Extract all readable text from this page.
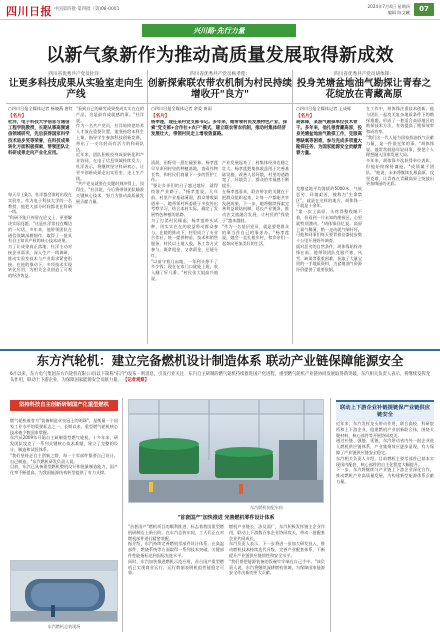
四川日报 中国第四批·第四批（第)08-0001
2024年7月4日 星期四
编辑 陈文曦	07
兴川路·先行力量
以新气象新作为推动高质量发展取得新成效
四川省优秀共产党员杜洋：
让更多科技成果从实验室走向生产线
四川省优秀共产党员杨孝莲：
创新探索联农带农机制为村民持续增收开"良方"
四川省优秀共产党员胡体锋：
投身羌塘盆地油气勘探让青春之花绽放在青藏高原
○四川日报全媒体记者 杨晓燕 唐红
【名片】
杜洋，电子科技大学信息与通信工程学院教授，长期从事高频通信领域研究，先后获得国家科学技术进步奖等荣誉，在科技成果转化方面积极探索，带领团队让科研成果走向产业化应用。

每天早上8点，杜洋都会准时出现在实验室。作为电子科技大学的一名教授，他把大部分时间都花在科研一线。

"科研不能只停留在论文上，更要解决实际问题。"这是杜洋常挂在嘴边的一句话。多年来，他带领团队在通信领域深耕细作，取得了一批具有自主知识产权的核心技术成果。

为了让成果真正落地，杜洋主动对接企业需求，深入生产一线调研，推动实验室技术与产业需求紧密衔接。在他的推动下，多项技术实现转化应用，为相关企业创造了可观的经济效益。

"看到自己的研究成果变成实实在在的产品，这是最有成就感的事。"杜洋说。

作为一名共产党员，杜洋始终把培养人才放在重要位置。他坚持给本科生上课，指导学生参加科技创新竞赛，带出了一支年轻而有活力的科研队伍。

近年来，团队积极投身成果转化和产业协同，在电子信息领域持续发力。杜洋表示，将继续坚守科研初心，让更多创新成果走出实验室、走上生产线。

"共产党员就要在关键时刻冲得上、顶得住。"杜洋说，今后将带领团队瞄准关键核心技术，努力为推动高质量发展贡献力量。

○四川日报全媒体记者 余爱 黄雨
【名片】
杨孝莲，现任某村党支部书记。多年来，她带领村民发展特色产业，探索"党支部+合作社+农户"模式，建立联农带农机制，推动村集体经济发展壮大，带领村民走上增收致富路。

清晨，田野里一派忙碌景象。杨孝莲早早来到村里的种植基地，查看作物长势，和村民们商量下一步的管护工作。

"要让乡亲们的日子越过越好，就得找准产业路子。"杨孝莲说。几年前，村里产业基础薄弱，群众增收渠道单一。她带领村两委班子多次外出考察学习，结合本村实际，确定了发展特色种植的思路。

为了打消村民顾虑，杨孝莲带头试种，用实实在在的收益带动群众参与。在她的推动下，村里成立了专业合作社，统一提供种苗、技术和销售服务，村民以土地入股、务工等方式参与，既拿租金、又拿薪金，还能分红。

"以前守着几亩地，一年到头挣不了多少钱；现在在家门口就能上班，收入翻了好几番。"村民张大姐高兴地说。

产业发展起来了，村集体经济也随之壮大。杨孝莲把集体收益用于完善基础设施、改善人居环境，村里的道路宽了、环境美了，群众的幸福感不断提升。

在杨孝莲看来，联农带农的关键在于把群众组织起来，让每一户都能共享发展成果。下一步，她将继续探索完善利益联结机制，延长产业链条，推动农文旅融合发展，让村民的"钱袋子"越来越鼓。

"作为一名基层党员，就是要把群众的事当作自己的事来办。"杨孝莲说，她会一直扎根乡村，和乡亲们一起奔向更加美好的生活。

○四川日报全媒体记者 王成栋
【名片】
胡体锋，某油气勘探单位技术骨干。多年来，他扎根青藏高原，投身羌塘盆地油气勘探工作，克服高寒缺氧等困难，参与完成多项重大勘探任务，为国家能源安全贡献青春力量。

羌塘盆地平均海拔约5000米，气候恶劣、环境艰苦，被称为"生命禁区"。就是在这样的地方，胡体锋一干就是十余年。

"第一次上高原，头疼得整夜睡不着，但看到一片未知的勘探区，心里就特别激动。"胡体锋回忆说。高原上氧气稀薄，稍一走动就气喘吁吁，可他和同事们每天要背着仪器徒步数十公里开展野外调查。

面对恶劣的自然条件，胡体锋始终冲锋在前。他带领团队克服严寒、风雪、缺氧等重重困难，获取了大量宝贵的一手地质资料，为盆地油气资源评价提供了重要依据。

在工作中，胡体锋注重技术创新。他与团队一起攻关复杂地质条件下的勘探难题，形成了一套适合高原地区的勘探技术方法，有效提高了勘探效率和成功率。

"我们这一代人能为国家找油找气贡献力量，是一件很光荣的事。"胡体锋说。他常常鼓励年轻同事，要把个人理想融入国家发展大局。

多年来，胡体锋多次获得单位表彰，但他始终保持谦逊。"成绩属于团队。"他说，未来将继续扎根高原、攻坚克难，让青春在青藏高原上绽放出更加绚丽的光彩。

东方汽轮机：建立完备燃机设计制造体系 联动产业链保障能源安全
6月以来，东方电气集团东方汽轮机有限公司(以下简称"东汽")发布一则消息，引发行业关注：东汽自主研制的燃气轮机持续推进国产化进程，重型燃气轮机产业链协同发展取得新突破。东汽相关负责人表示，将继续发挥龙头作用，联动上下游企业，为保障国家能源安全贡献力量。 【记者观察】
坚持科技自主创新研制国产化重型燃机

燃气轮机被誉为"装备制造业皇冠上的明珠"，是衡量一个国家工业水平的重要标志之一。长期以来，重型燃气轮机核心技术被少数国家掌握。

东汽从2009年开始自主研制重型燃气轮机，十多年来，研发团队攻克了一系列关键核心技术难题，建立了完整的设计、制造和试验体系。

"我们坚持走自主创新之路，每一个零部件都要自己设计、自己制造。"东汽燃机研发负责人说。

目前，东汽已具备重型燃机整机设计和批量制造能力，国产化率不断提高，为我国能源结构转型提供了有力支撑。

东汽燃机装配车间
"首套国产"加快推进 完善燃机零件设计体系

"首套国产"燃机项目的顺利推进，标志着我国重型燃机研制迈上新台阶。在东汽总装车间，工人们正在对燃机部件进行精密装配。

据介绍，东汽持续完善燃机零部件设计体系，在高温部件、燃烧系统等方面取得一系列技术突破，关键部件性能指标达到国际先进水平。

同时，东汽加快推进燃机示范应用，首台国产重型燃机已实现商业运行，运行数据表明机组性能稳定可靠。

燃机产业链长、涉及面广，东汽积极发挥链主企业作用，联动上下游数百家企业协同攻关，带动一批配套企业共同成长。

东汽负责人表示，下一步将进一步加大研发投入，推动燃机技术持续迭代升级，完善产业配套体系，不断提升产业链供应链韧性和安全水平。

"我们要把能源装备的饭碗牢牢端在自己手中。"该负责人说，东汽将继续深耕燃机领域，为保障国家能源安全作出新的更大贡献。

东汽燃机总装现场
联动上下游企业补链提链保产业链供应链安全

近年来，东汽发挥龙头带动作用，联合高校、科研院所和上下游企业，组建燃机产业创新联合体，围绕关键材料、核心部件等开展协同攻关。

通过补链、强链、延链，东汽带动省内外一批企业进入燃机供应链体系，产业集聚效应逐步显现，有力保障了产业链供应链安全稳定。

东汽相关负责人介绍，目前燃机主要零部件已基本实现国内配套，核心部件的自主化程度大幅提升。

下一步，东汽将继续与产业链上下游企业深化合作，推动燃机产业高质量发展，为构建新型能源体系贡献力量。
